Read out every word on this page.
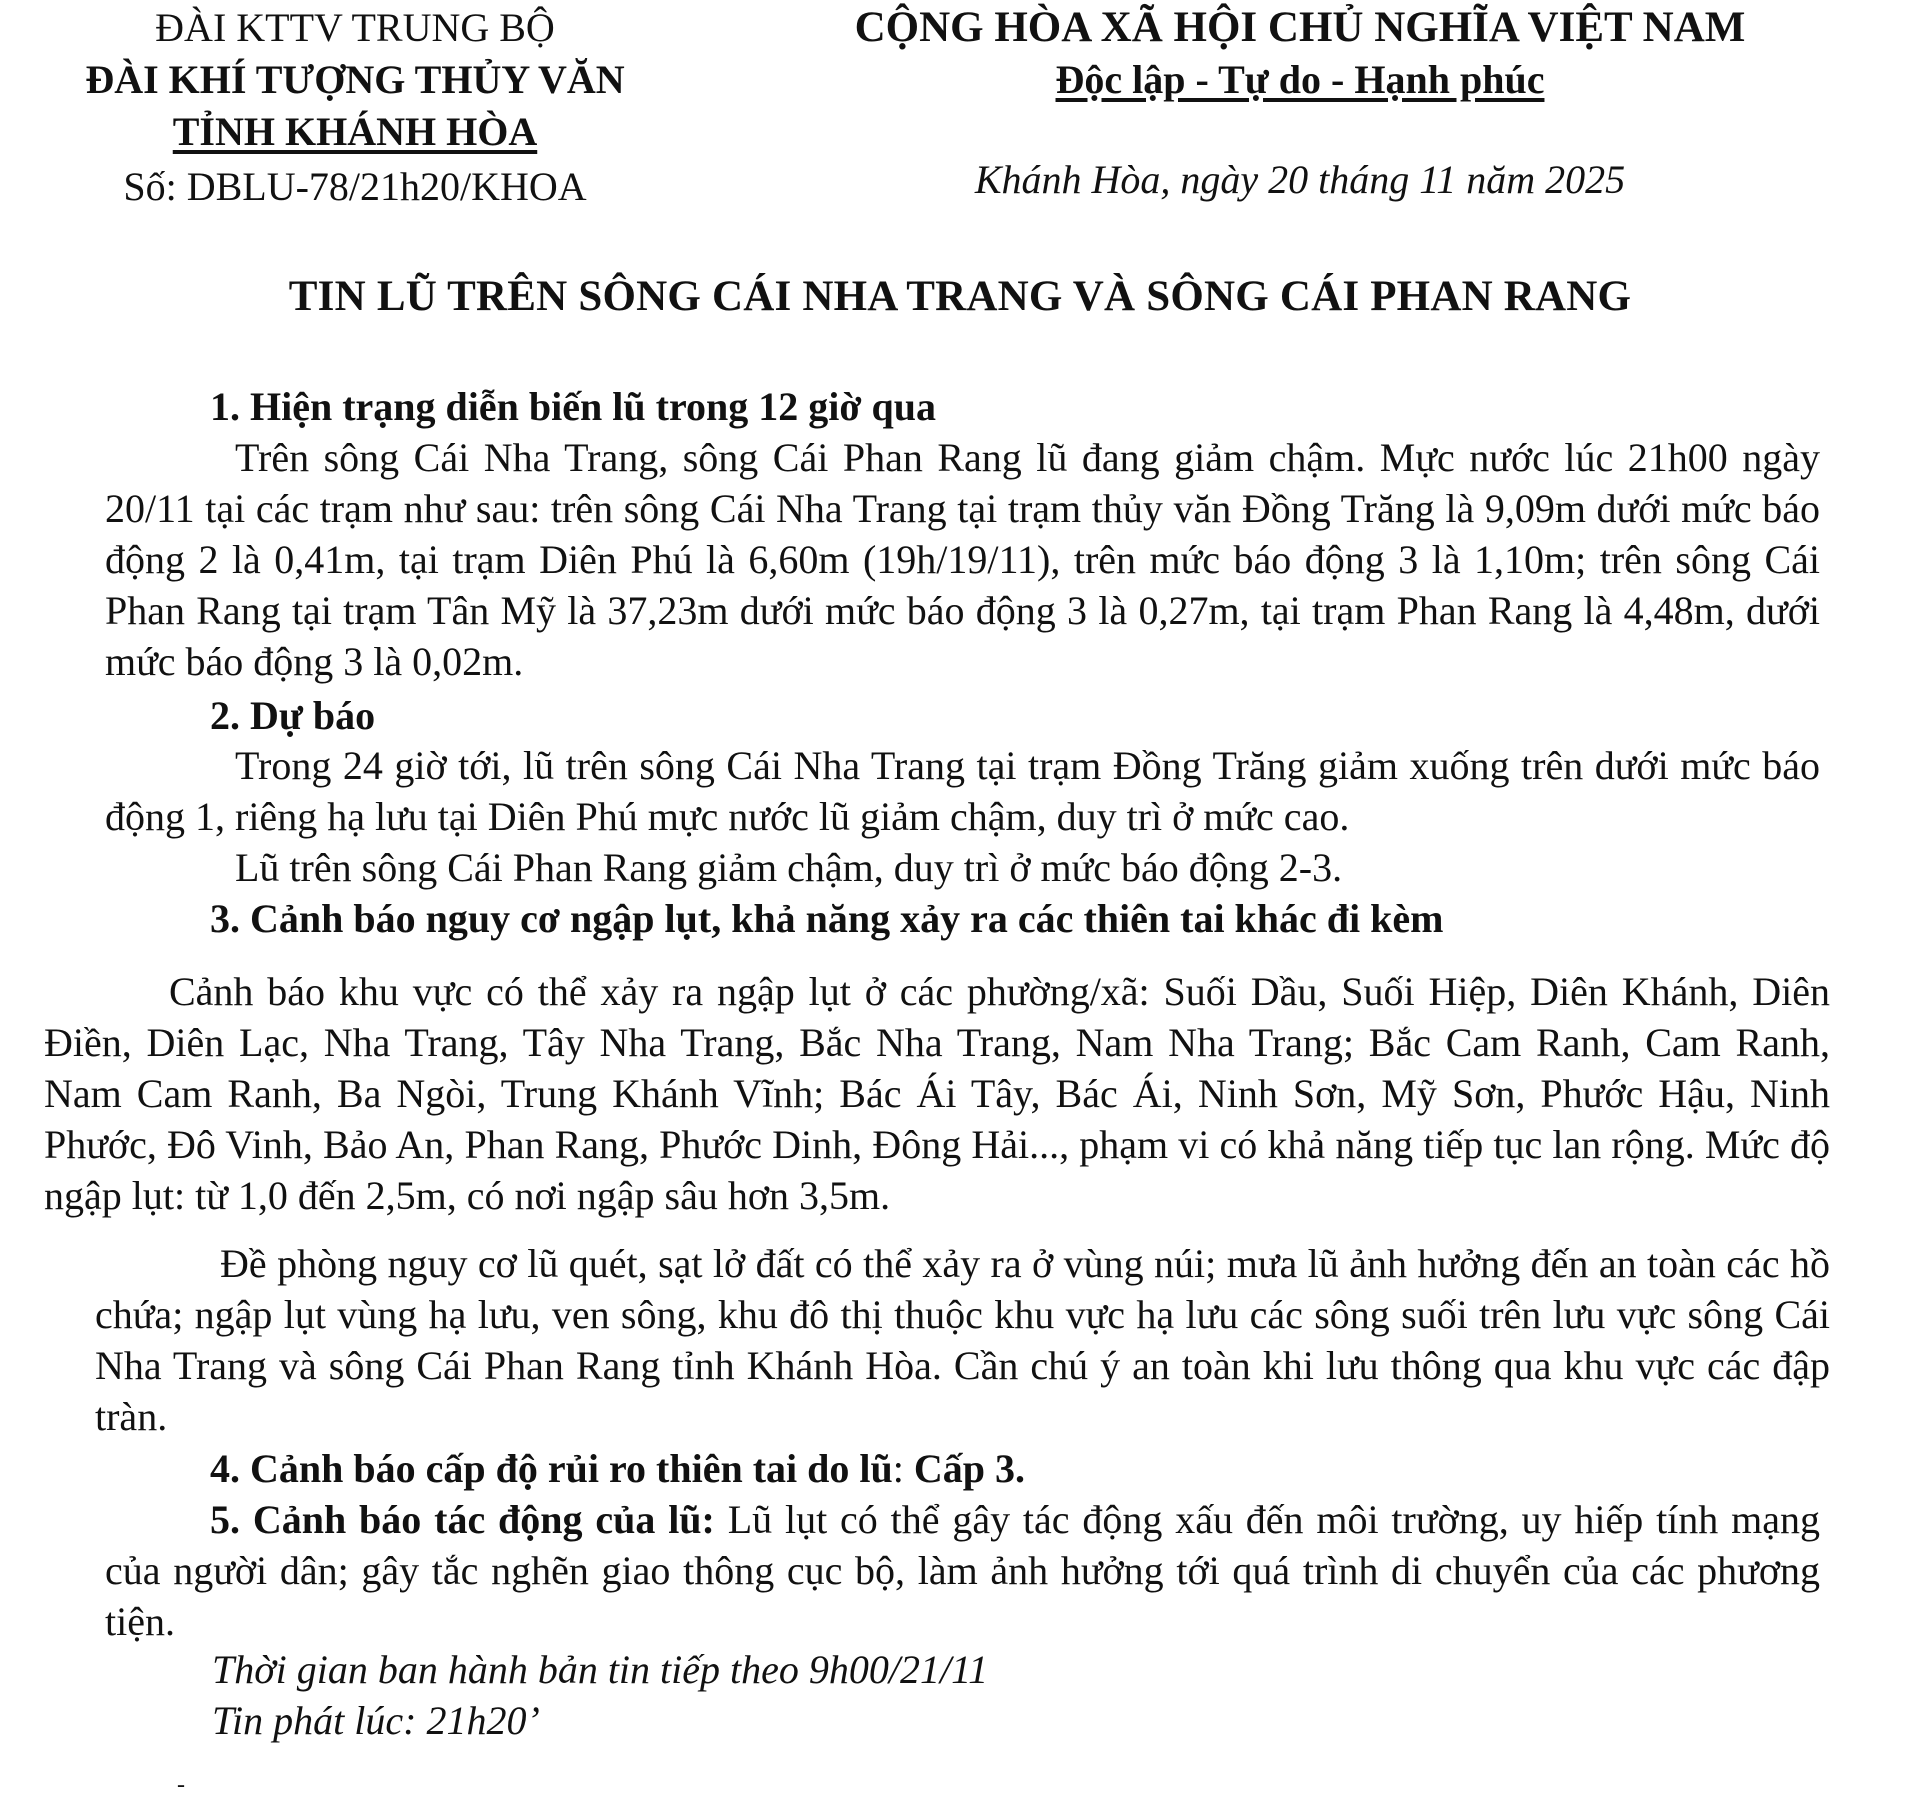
ĐÀI KTTV TRUNG BỘ
ĐÀI KHÍ TƯỢNG THỦY VĂN
TỈNH KHÁNH HÒA
Số: DBLU-78/21h20/KHOA
CỘNG HÒA XÃ HỘI CHỦ NGHĨA VIỆT NAM
Độc lập - Tự do - Hạnh phúc
Khánh Hòa, ngày 20 tháng 11 năm 2025
TIN LŨ TRÊN SÔNG CÁI NHA TRANG VÀ SÔNG CÁI PHAN RANG
1. Hiện trạng diễn biến lũ trong 12 giờ qua
Trên sông Cái Nha Trang, sông Cái Phan Rang lũ đang giảm chậm. Mực nước lúc 21h00 ngày 20/11 tại các trạm như sau: trên sông Cái Nha Trang tại trạm thủy văn Đồng Trăng là 9,09m dưới mức báo động 2 là 0,41m, tại trạm Diên Phú là 6,60m (19h/19/11), trên mức báo động 3 là 1,10m; trên sông Cái Phan Rang tại trạm Tân Mỹ là 37,23m dưới mức báo động 3 là 0,27m, tại trạm Phan Rang là 4,48m, dưới mức báo động 3 là 0,02m.
2. Dự báo
Trong 24 giờ tới, lũ trên sông Cái Nha Trang tại trạm Đồng Trăng giảm xuống trên dưới mức báo động 1, riêng hạ lưu tại Diên Phú mực nước lũ giảm chậm, duy trì ở mức cao.
Lũ trên sông Cái Phan Rang giảm chậm, duy trì ở mức báo động 2-3.
3. Cảnh báo nguy cơ ngập lụt, khả năng xảy ra các thiên tai khác đi kèm
Cảnh báo khu vực có thể xảy ra ngập lụt ở các phường/xã: Suối Dầu, Suối Hiệp, Diên Khánh, Diên Điền, Diên Lạc, Nha Trang, Tây Nha Trang, Bắc Nha Trang, Nam Nha Trang; Bắc Cam Ranh, Cam Ranh, Nam Cam Ranh, Ba Ngòi, Trung Khánh Vĩnh; Bác Ái Tây, Bác Ái, Ninh Sơn, Mỹ Sơn, Phước Hậu, Ninh Phước, Đô Vinh, Bảo An, Phan Rang, Phước Dinh, Đông Hải..., phạm vi có khả năng tiếp tục lan rộng. Mức độ ngập lụt: từ 1,0 đến 2,5m, có nơi ngập sâu hơn 3,5m.
Đề phòng nguy cơ lũ quét, sạt lở đất có thể xảy ra ở vùng núi; mưa lũ ảnh hưởng đến an toàn các hồ chứa; ngập lụt vùng hạ lưu, ven sông, khu đô thị thuộc khu vực hạ lưu các sông suối trên lưu vực sông Cái Nha Trang và sông Cái Phan Rang tỉnh Khánh Hòa. Cần chú ý an toàn khi lưu thông qua khu vực các đập tràn.
4. Cảnh báo cấp độ rủi ro thiên tai do lũ: Cấp 3.
5. Cảnh báo tác động của lũ: Lũ lụt có thể gây tác động xấu đến môi trường, uy hiếp tính mạng của người dân; gây tắc nghẽn giao thông cục bộ, làm ảnh hưởng tới quá trình di chuyển của các phương tiện.
Thời gian ban hành bản tin tiếp theo 9h00/21/11
Tin phát lúc: 21h20’
-
